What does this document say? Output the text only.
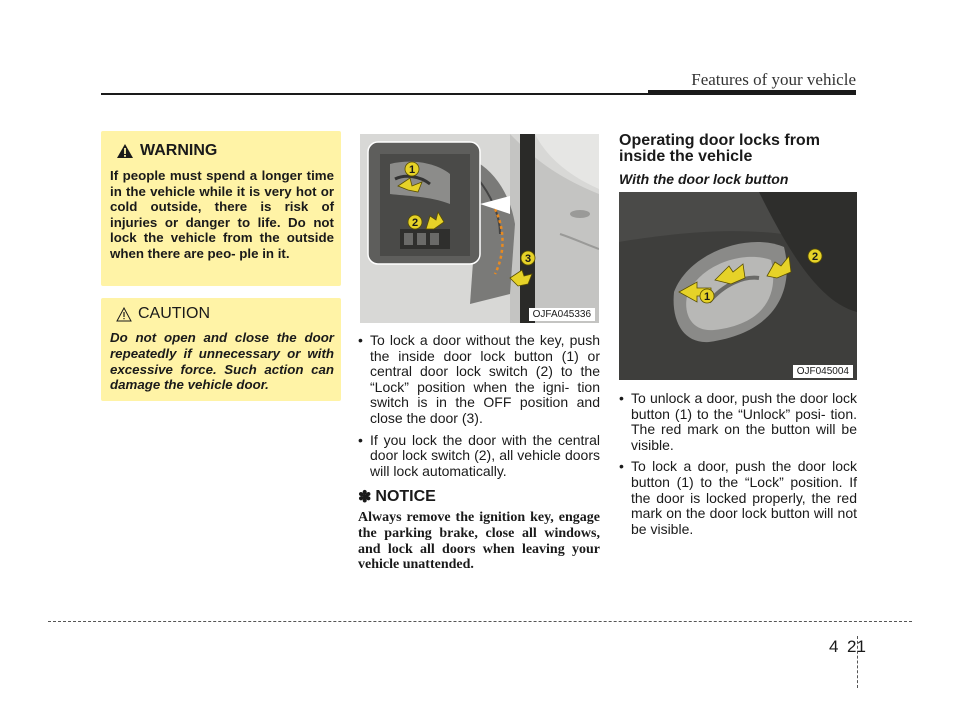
Features of your vehicle
WARNING
If people must spend a longer time in the vehicle while it is very hot or cold outside, there is risk of injuries or danger to life. Do not lock the vehicle from the outside when there are peo- ple in it.
CAUTION
Do not open and close the door repeatedly if unnecessary or with excessive force. Such action can damage the vehicle door.
1
2
3
OJFA045336
• To lock a door without the key, push the inside door lock button (1) or central door lock switch (2) to the “Lock” position when the igni- tion switch is in the OFF position and close the door (3).
• If you lock the door with the central door lock switch (2), all vehicle doors will lock automatically.
✽ NOTICE
Always remove the ignition key, engage the parking brake, close all windows, and lock all doors when leaving your vehicle unattended.
Operating door locks from inside the vehicle
With the door lock button
1
2
OJF045004
• To unlock a door, push the door lock button (1) to the “Unlock” posi- tion. The red mark on the button will be visible.
• To lock a door, push the door lock button (1) to the “Lock” position. If the door is locked properly, the red mark on the door lock button will not be visible.
4 21
